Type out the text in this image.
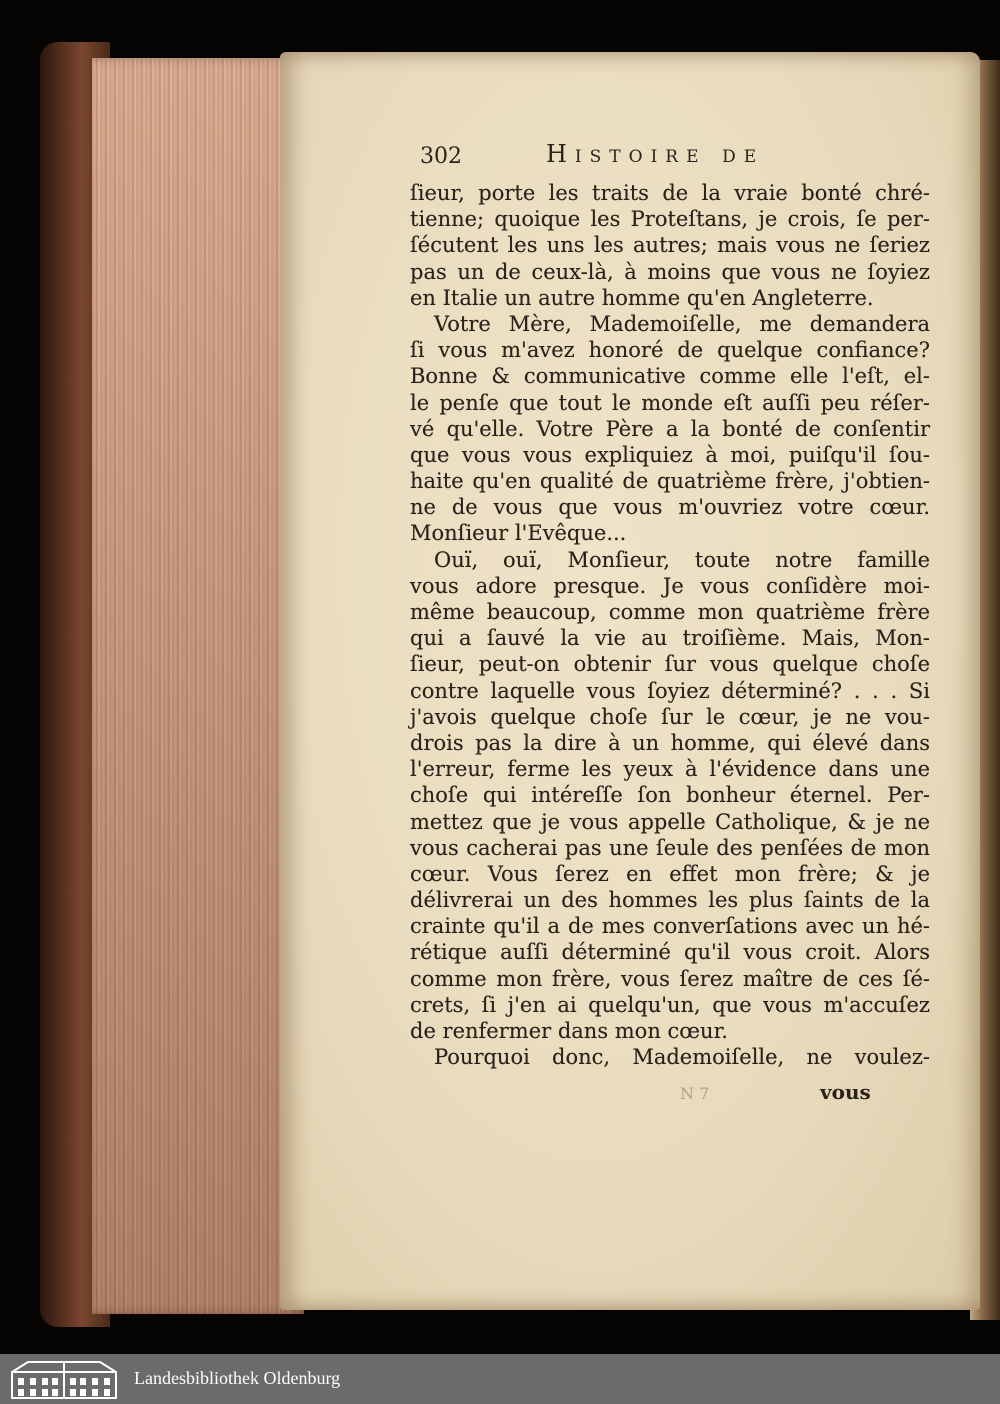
302	Histoire de
ſieur, porte les traits de la vraie bonté chré-
tienne; quoique les Proteſtans, je crois, ſe per-
ſécutent les uns les autres; mais vous ne ſeriez
pas un de ceux-là, à moins que vous ne ſoyiez
en Italie un autre homme qu'en Angleterre.
Votre Mère, Mademoiſelle, me demandera
ſi vous m'avez honoré de quelque confiance?
Bonne & communicative comme elle l'eſt, el-
le penſe que tout le monde eſt auſſi peu réſer-
vé qu'elle. Votre Père a la bonté de conſentir
que vous vous expliquiez à moi, puiſqu'il ſou-
haite qu'en qualité de quatrième frère, j'obtien-
ne de vous que vous m'ouvriez votre cœur.
Monſieur l'Evêque...
Ouï, ouï, Monſieur, toute notre famille
vous adore presque. Je vous conſidère moi-
même beaucoup, comme mon quatrième frère
qui a ſauvé la vie au troiſième. Mais, Mon-
ſieur, peut-on obtenir ſur vous quelque choſe
contre laquelle vous ſoyiez déterminé? . . . Si
j'avois quelque choſe ſur le cœur, je ne vou-
drois pas la dire à un homme, qui élevé dans
l'erreur, ferme les yeux à l'évidence dans une
choſe qui intéreſſe ſon bonheur éternel. Per-
mettez que je vous appelle Catholique, & je ne
vous cacherai pas une ſeule des penſées de mon
cœur. Vous ſerez en effet mon frère; & je
délivrerai un des hommes les plus ſaints de la
crainte qu'il a de mes converſations avec un hé-
rétique auſſi déterminé qu'il vous croit. Alors
comme mon frère, vous ſerez maître de ces ſé-
crets, ſi j'en ai quelqu'un, que vous m'accuſez
de renfermer dans mon cœur.
Pourquoi donc, Mademoiſelle, ne voulez-
N 7	vous
Landesbibliothek Oldenburg
